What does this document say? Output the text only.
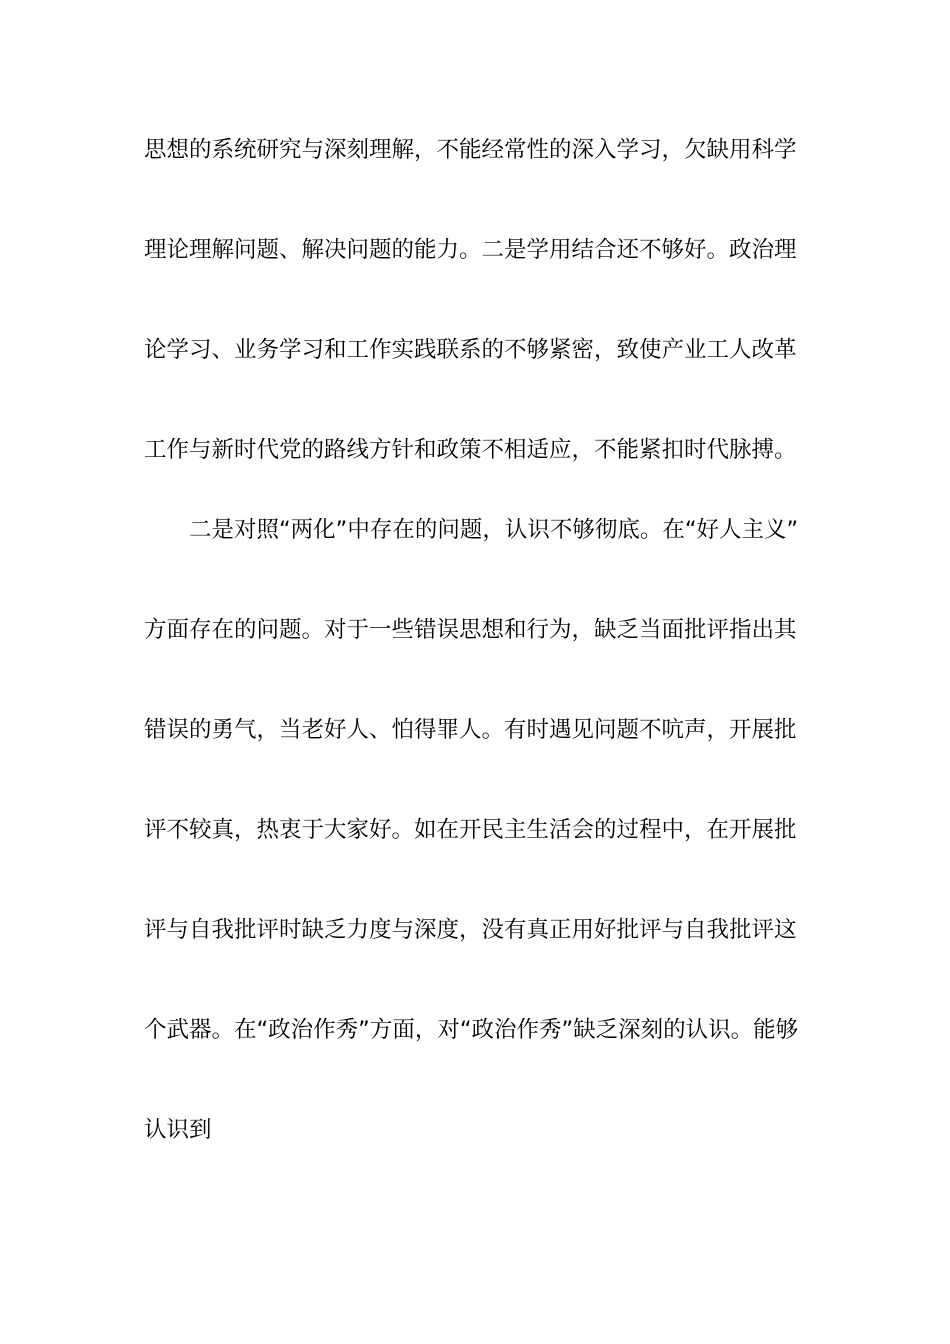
思想的系统研究与深刻理解，不能经常性的深入学习，欠缺用科学
理论理解问题、解决问题的能力。二是学用结合还不够好。政治理
论学习、业务学习和工作实践联系的不够紧密，致使产业工人改革
工作与新时代党的路线方针和政策不相适应，不能紧扣时代脉搏。
二是对照“两化”中存在的问题，认识不够彻底。在“好人主义”
方面存在的问题。对于一些错误思想和行为，缺乏当面批评指出其
错误的勇气，当老好人、怕得罪人。有时遇见问题不吭声，开展批
评不较真，热衷于大家好。如在开民主生活会的过程中，在开展批
评与自我批评时缺乏力度与深度，没有真正用好批评与自我批评这
个武器。在“政治作秀”方面，对“政治作秀”缺乏深刻的认识。能够
认识到
